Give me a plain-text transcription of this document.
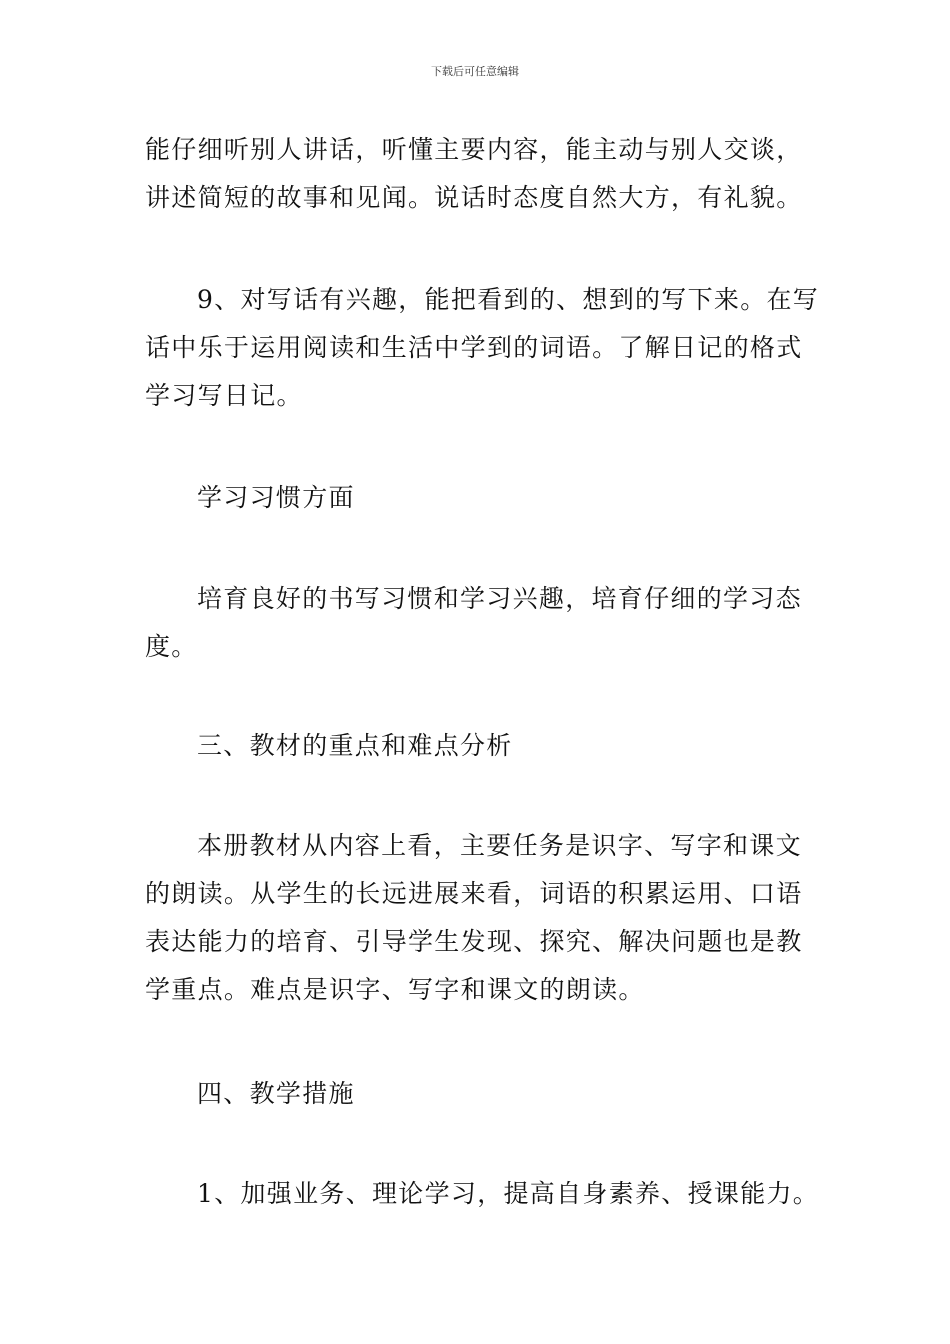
下载后可任意编辑

能仔细听别人讲话，听懂主要内容，能主动与别人交谈，
讲述简短的故事和见闻。说话时态度自然大方，有礼貌。

9、对写话有兴趣，能把看到的、想到的写下来。在写
话中乐于运用阅读和生活中学到的词语。了解日记的格式
学习写日记。

学习习惯方面

培育良好的书写习惯和学习兴趣，培育仔细的学习态
度。

三、教材的重点和难点分析

本册教材从内容上看，主要任务是识字、写字和课文
的朗读。从学生的长远进展来看，词语的积累运用、口语
表达能力的培育、引导学生发现、探究、解决问题也是教
学重点。难点是识字、写字和课文的朗读。

四、教学措施

1、加强业务、理论学习，提高自身素养、授课能力。
